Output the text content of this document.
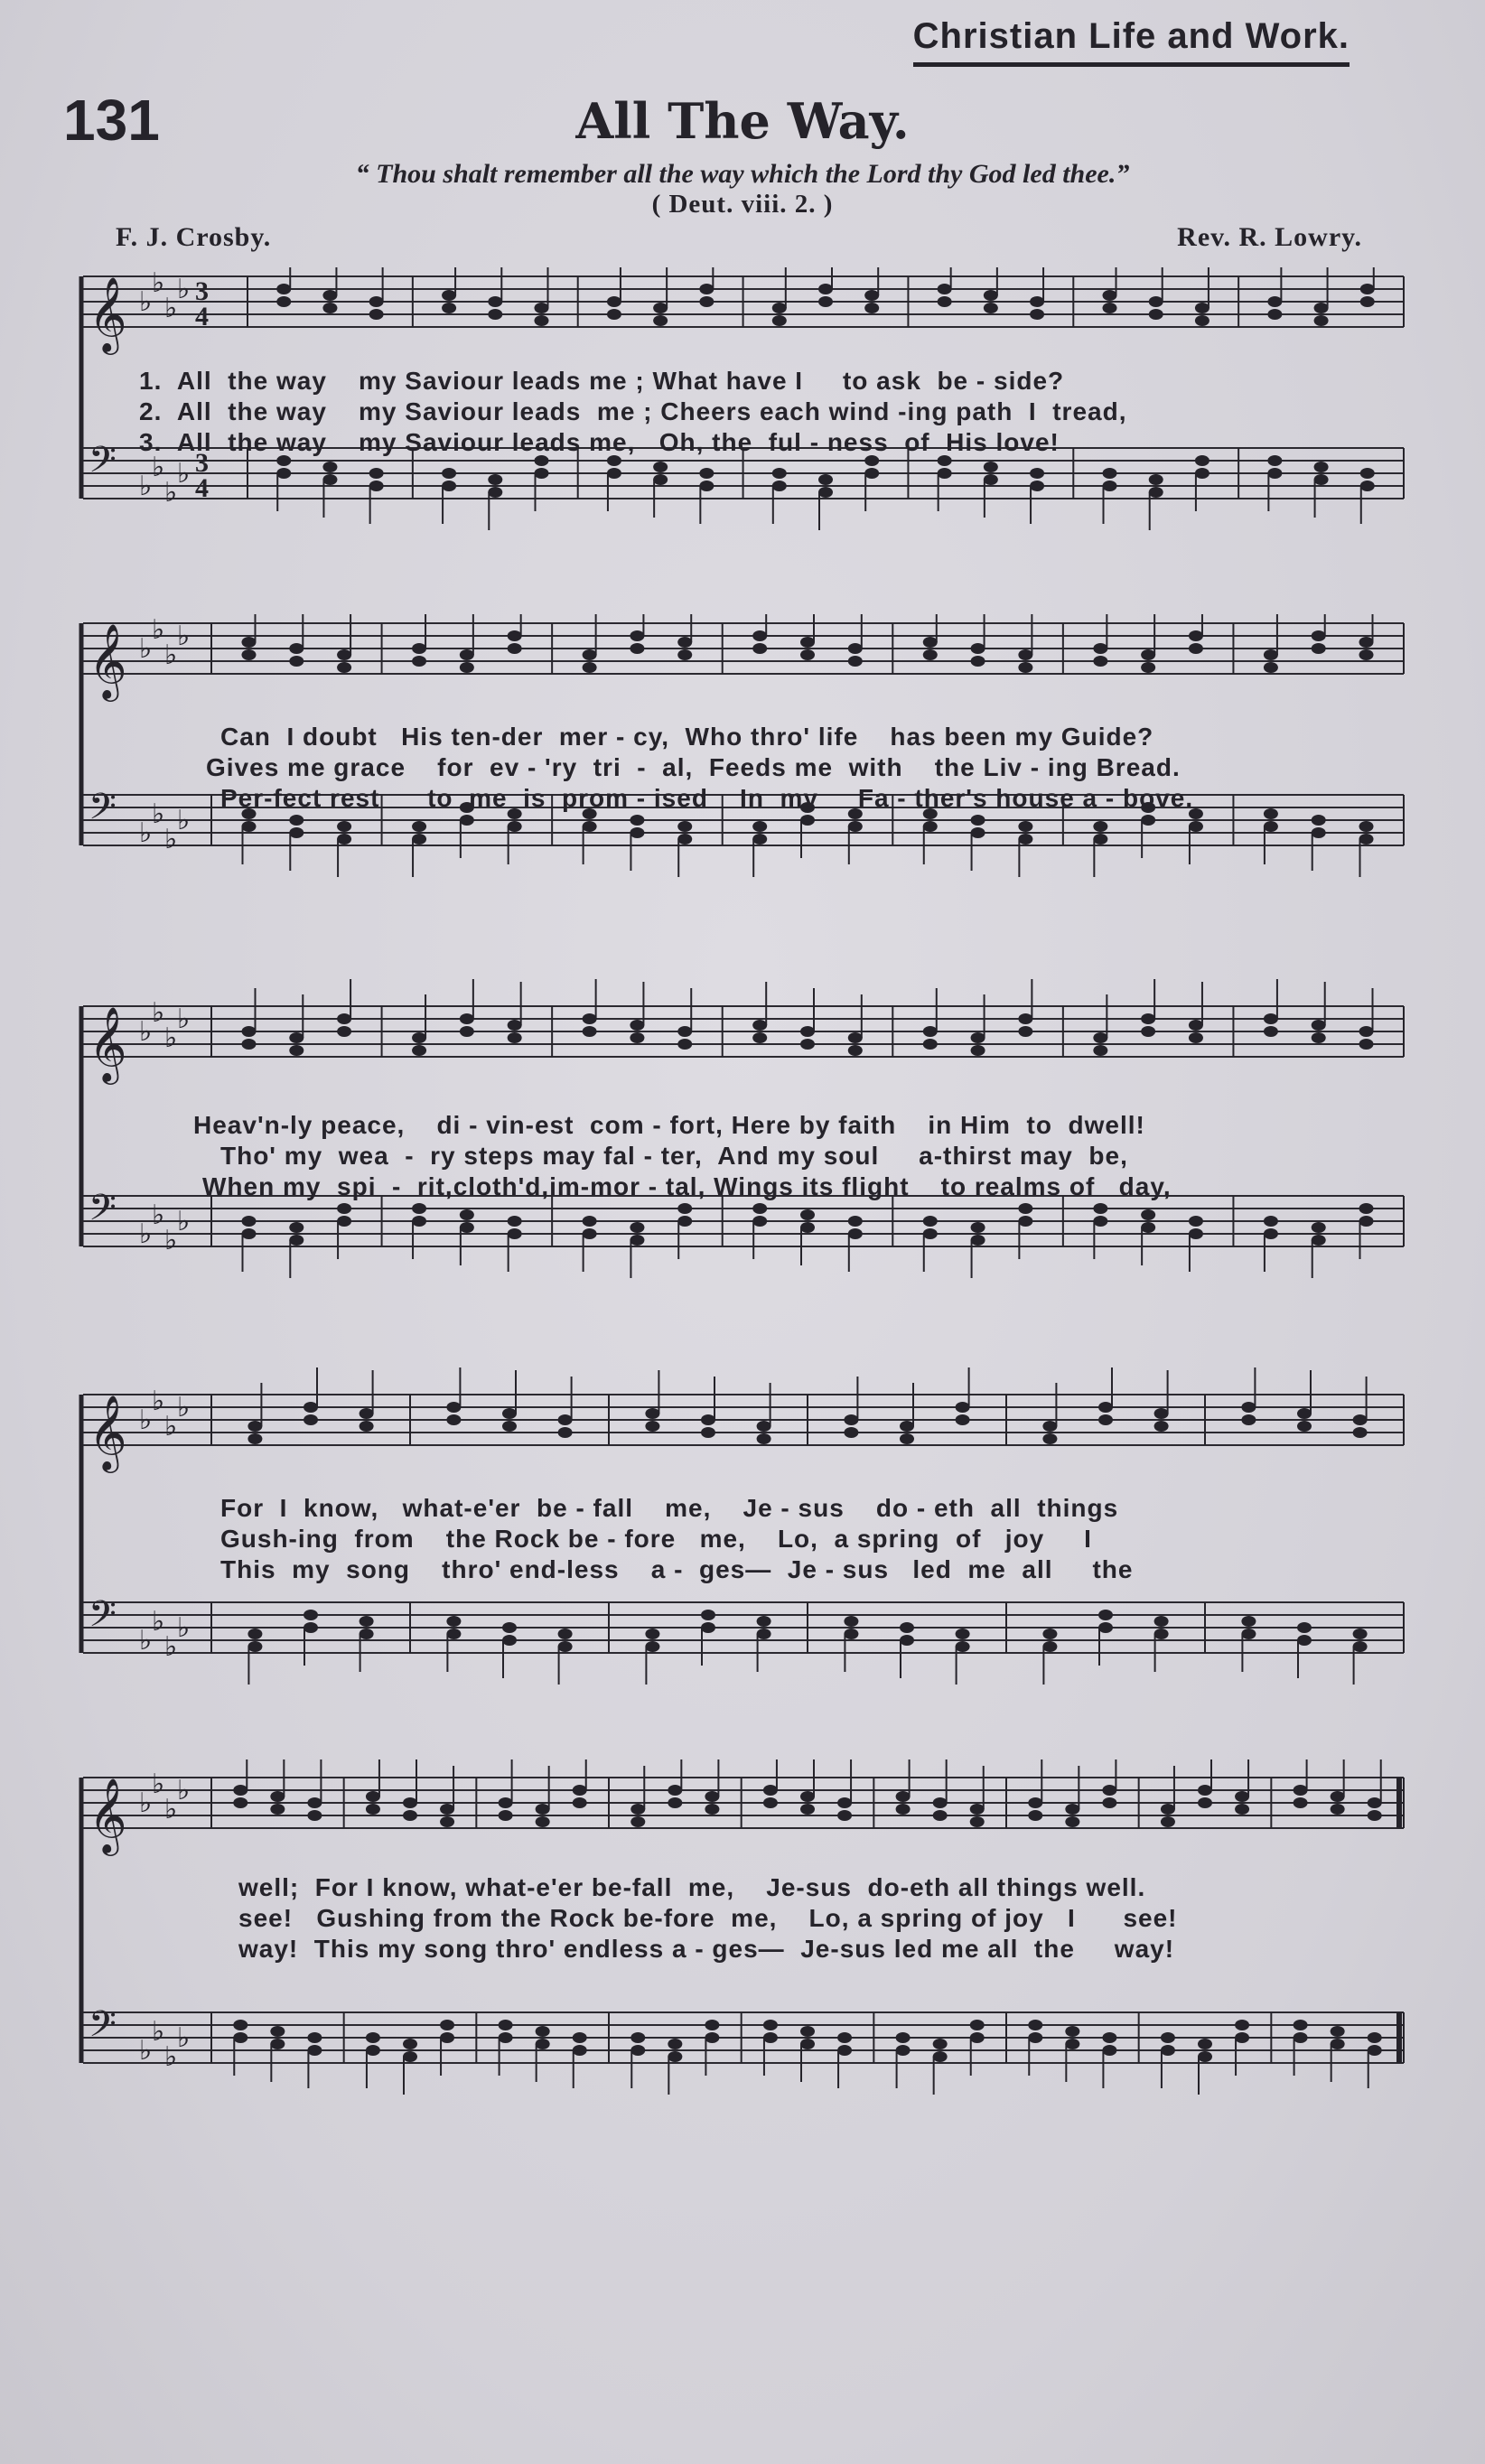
Christian Life and Work.
131	All The Way.
“ Thou shalt remember all the way which the Lord thy God led thee.”
( Deut. viii. 2. )
F. J. Crosby.	Rev. R. Lowry.
𝄞 ♭
♭
♭
♭ 3
4
𝄢 ♭
♭
♭
♭ 3
4
1.  All  the way    my Saviour leads me ; What have I     to ask  be - side?
2.  All  the way    my Saviour leads  me ; Cheers each wind -ing path  I  tread,
3.  All  the way    my Saviour leads me,   Oh, the  ful - ness  of  His love!
𝄞 ♭
♭
♭
♭
𝄢 ♭
♭
♭
♭
Can  I doubt   His ten-der  mer - cy,  Who thro' life    has been my Guide?
Gives me grace    for  ev - 'ry  tri  -  al,  Feeds me  with    the Liv - ing Bread.
Per-fect rest      to  me  is  prom - ised    In  my     Fa - ther's house a - bove.
𝄞 ♭
♭
♭
♭
𝄢 ♭
♭
♭
♭
Heav'n-ly peace,    di - vin-est  com - fort, Here by faith    in Him  to  dwell!
Tho' my  wea  -  ry steps may fal - ter,  And my soul     a-thirst may  be,
When my  spi  -  rit,cloth'd,im-mor - tal, Wings its flight    to realms of   day,
𝄞 ♭
♭
♭
♭
𝄢 ♭
♭
♭
♭
For  I  know,   what-e'er  be - fall    me,    Je - sus    do - eth  all  things
Gush-ing  from    the Rock be - fore   me,    Lo,  a spring  of   joy     I
This  my  song    thro' end-less    a -  ges—  Je - sus   led  me  all     the
𝄞 ♭
♭
♭
♭
𝄢 ♭
♭
♭
♭
well;  For I know, what-e'er be-fall  me,    Je-sus  do-eth all things well.
see!   Gushing from the Rock be-fore  me,    Lo, a spring of joy   I      see!
way!  This my song thro' endless a - ges—  Je-sus led me all  the     way!
